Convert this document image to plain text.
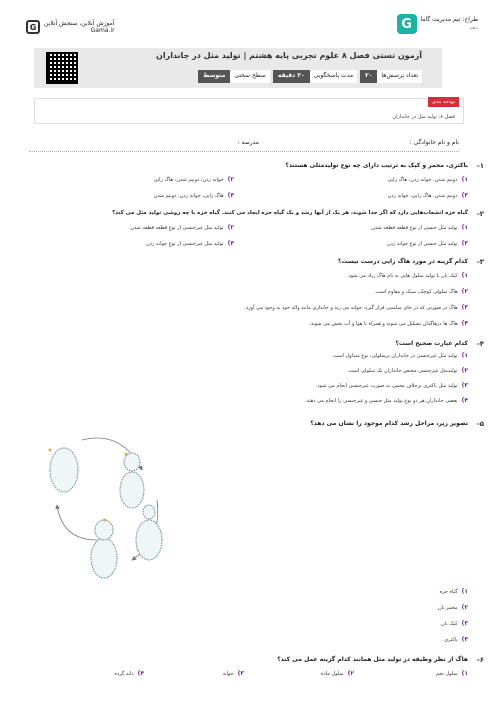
طراح: تیم مدیریت گاما
دهم
G
G	آموزش آنلاین، سنجش آنلاین
Gama.ir
آزمون تستی فصل ۸ علوم تجربی پایه هشتم | تولید مثل در جانداران
تعداد پرسش‌ها
۲۰
مدت پاسخگویی
۲۰ دقیقه
سطح سختی
متوسط
بودجه بندی
فصل ۸: تولید مثل در جانداران
نام و نام خانوادگی :
مدرسه :
۱-
باکتری، مخمر و کپک به ترتیب دارای چه نوع تولیدمثلی هستند؟
۱)
دوبیم شدن، جوانه زدن، هاگ زایی
۲)
جوانه زدن، دوبیم شدن، هاگ زایی
۳)
دوبیم شدن، هاگ زایی، جوانه زدن
۴)
هاگ زایی، جوانه زدن، دوبیم شدن
۲-
گیاه خزه انشعاب‌هایی دارد که اگر جدا شوند، هر یک از آنها رشد و یک گیاه خزه ایجاد می کنند. گیاه خزه با چه روشی تولید مثل می کند؟
۱)
تولید مثل جنسی از نوع قطعه قطعه شدن
۲)
تولید مثل غیرجنسی از نوع قطعه قطعه شدن
۳)
تولید مثل جنسی از نوع جوانه زدن
۴)
تولید مثل غیرجنسی از نوع جوانه زدن
۳-
کدام گزینه در مورد هاگ زایی درست نیست؟
۱)
کپک نان با تولید سلول هایی به نام هاگ زیاد می شود.
۲)
هاگ سلولی کوچک، سبک و مقاوم است.
۳)
هاگ در صورتی که در جای مناسبی قرار گیرد، جوانه می زند و جانداری مانند والد خود به وجود می آورد.
۴)
هاگ ها درهاگدان تشکیل می شوند و همراه با هوا و آب پخش می شوند.
۴-
کدام عبارت صحیح است؟
۱)
تولید مثل غیرجنسی در جانداران پرسلولی، نوع متداول است.
۲)
تولیدمثل غیرجنسی مختص جانداران تک سلولی است.
۳)
تولید مثل باکتری برخلاف مخمر، به صورت غیرجنسی انجام می شود.
۴)
بعضی جانداران هر دو نوع تولید مثل جنسی و غیرجنسی را انجام می دهند.
۵-
تصویر زیر، مراحل رشد کدام موجود را نشان می دهد؟
۱)
گیاه خزه
۲)
مخمر نان
۳)
کپک نان
۴)
باکتری
۶-
هاگ از نظر وظیفه در تولید مثل همانند کدام گزینه عمل می کند؟
۱)
سلول تخم
۲)
سلول ماده
۳)
جوانه
۴)
دانه گرده
